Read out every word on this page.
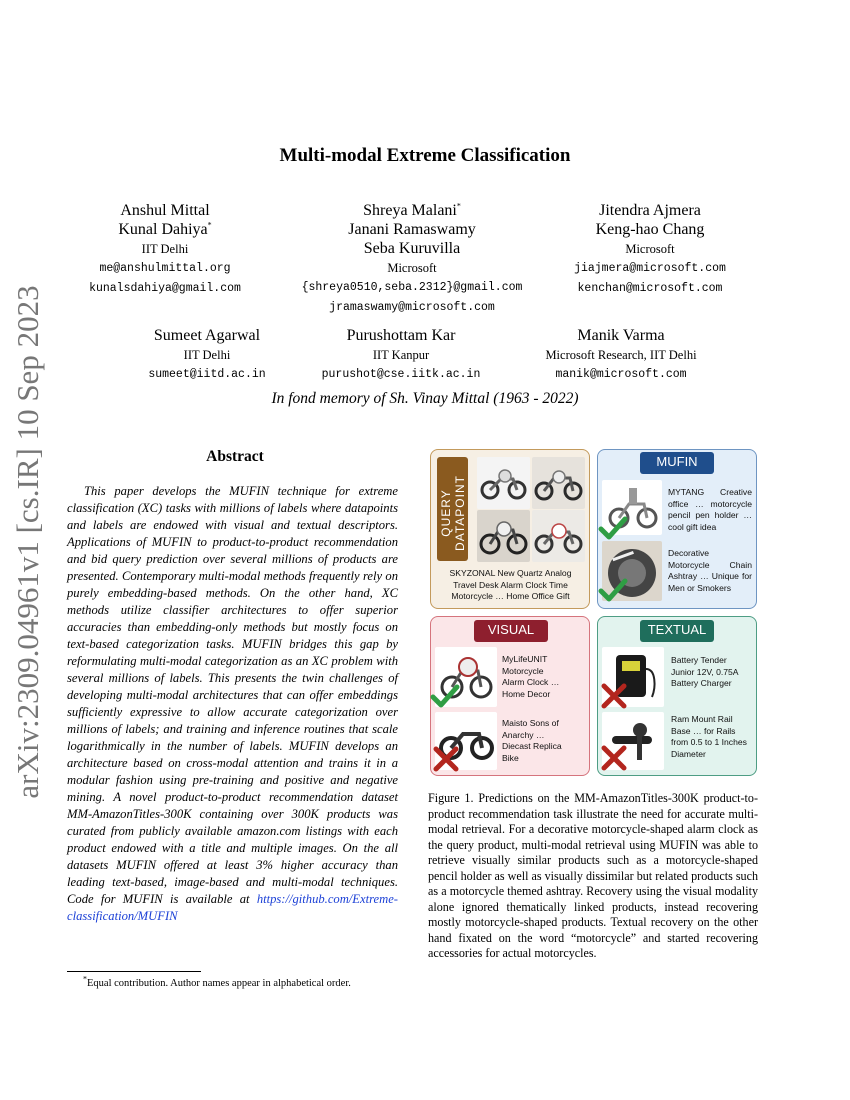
arXiv:2309.04961v1 [cs.IR] 10 Sep 2023
Multi-modal Extreme Classification
Anshul Mittal
Kunal Dahiya*
IIT Delhi
me@anshulmittal.org
kunalsdahiya@gmail.com
Shreya Malani*
Janani Ramaswamy
Seba Kuruvilla
Microsoft
{shreya0510,seba.2312}@gmail.com
jramaswamy@microsoft.com
Jitendra Ajmera
Keng-hao Chang
Microsoft
jiajmera@microsoft.com
kenchan@microsoft.com
Sumeet Agarwal
IIT Delhi
sumeet@iitd.ac.in
Purushottam Kar
IIT Kanpur
purushot@cse.iitk.ac.in
Manik Varma
Microsoft Research, IIT Delhi
manik@microsoft.com
In fond memory of Sh. Vinay Mittal (1963 - 2022)
Abstract
This paper develops the MUFIN technique for extreme classification (XC) tasks with millions of labels where datapoints and labels are endowed with visual and textual descriptors. Applications of MUFIN to product-to-product recommendation and bid query prediction over several millions of products are presented. Contemporary multi-modal methods frequently rely on purely embedding-based methods. On the other hand, XC methods utilize classifier architectures to offer superior accuracies than embedding-only methods but mostly focus on text-based categorization tasks. MUFIN bridges this gap by reformulating multi-modal categorization as an XC problem with several millions of labels. This presents the twin challenges of developing multi-modal architectures that can offer embeddings sufficiently expressive to allow accurate categorization over millions of labels; and training and inference routines that scale logarithmically in the number of labels. MUFIN develops an architecture based on cross-modal attention and trains it in a modular fashion using pre-training and positive and negative mining. A novel product-to-product recommendation dataset MM-AmazonTitles-300K containing over 300K products was curated from publicly available amazon.com listings with each product endowed with a title and multiple images. On the all datasets MUFIN offered at least 3% higher accuracy than leading text-based, image-based and multi-modal techniques. Code for MUFIN is available at https://github.com/Extreme-classification/MUFIN
*Equal contribution. Author names appear in alphabetical order.
QUERY DATAPOINT
MUFIN
VISUAL	TEXTUAL
SKYZONAL New Quartz Analog Travel Desk Alarm Clock Time Motorcycle … Home Office Gift
MYTANG Creative office … motorcycle pencil pen holder … cool gift idea
Decorative Motorcycle Chain Ashtray … Unique for Men or Smokers
MyLifeUNIT Motorcycle Alarm Clock … Home Decor
Maisto Sons of Anarchy … Diecast Replica Bike
Battery Tender Junior 12V, 0.75A Battery Charger
Ram Mount Rail Base … for Rails from 0.5 to 1 Inches Diameter
Figure 1. Predictions on the MM-AmazonTitles-300K product-to-product recommendation task illustrate the need for accurate multi-modal retrieval. For a decorative motorcycle-shaped alarm clock as the query product, multi-modal retrieval using MUFIN was able to retrieve visually similar products such as a motorcycle-shaped pencil holder as well as visually dissimilar but related products such as a motorcycle themed ashtray. Recovery using the visual modality alone ignored thematically linked products, instead recovering mostly motorcycle-shaped products. Textual recovery on the other hand fixated on the word “motorcycle” and started recovering accessories for actual motorcycles.
